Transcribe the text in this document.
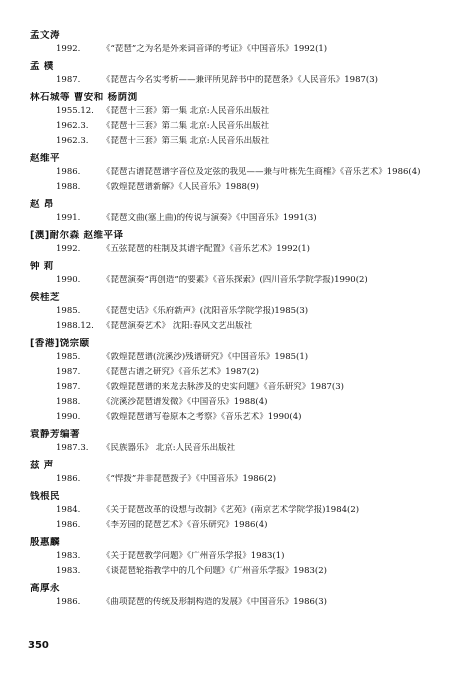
孟文涛
1992.	《“琵琶”之为名是外来词音译的考证》《中国音乐》1992(1)
孟 樸
1987.	《琵琶古今名实考析——兼评所见辞书中的琵琶条》《人民音乐》1987(3)
林石城等 曹安和 杨荫浏
1955.12. 《琵琶十三套》第一集 北京:人民音乐出版社
1962.3. 《琵琶十三套》第二集 北京:人民音乐出版社
1962.3. 《琵琶十三套》第三集 北京:人民音乐出版社
赵维平
1986.	《琵琶古谱琵琶谱字音位及定弦的我见——兼与叶栋先生商榷》《音乐艺术》1986(4)
1988.	《敦煌琵琶谱新解》《人民音乐》1988(9)
赵 昂
1991.	《琵琶文曲(塞上曲)的传说与演奏》《中国音乐》1991(3)
[澳]耐尔森 赵维平译
1992.	《五弦琵琶的柱制及其谱字配置》《音乐艺术》1992(1)
钟 莉
1990.	《琵琶演奏“再创造”的要素》《音乐探索》(四川音乐学院学报)1990(2)
侯桂芝
1985.	《琵琶史话》《乐府新声》(沈阳音乐学院学报)1985(3)
1988.12. 《琵琶演奏艺术》 沈阳:春风文艺出版社
[香港]饶宗颐
1985.	《敦煌琵琶谱(浣溪沙)残谱研究》《中国音乐》1985(1)
1987.	《琵琶古谱之研究》《音乐艺术》1987(2)
1987.	《敦煌琵琶谱的来龙去脉涉及的史实问题》《音乐研究》1987(3)
1988.	《浣溪沙琵琶谱发微》《中国音乐》1988(4)
1990.	《敦煌琵琶谱写卷原本之考察》《音乐艺术》1990(4)
袁静芳编著
1987.3. 《民族器乐》 北京:人民音乐出版社
兹 声
1986.	《“悍拨”并非琵琶拨子》《中国音乐》1986(2)
钱根民
1984.	《关于琵琶改革的设想与改制》《艺苑》(南京艺术学院学报)1984(2)
1986.	《李芳园的琵琶艺术》《音乐研究》1986(4)
殷惠麟
1983.	《关于琵琶教学问题》《广州音乐学报》1983(1)
1983.	《谈琵琶轮指教学中的几个问题》《广州音乐学报》1983(2)
高厚永
1986.	《曲项琵琶的传统及形制构造的发展》《中国音乐》1986(3)
350
